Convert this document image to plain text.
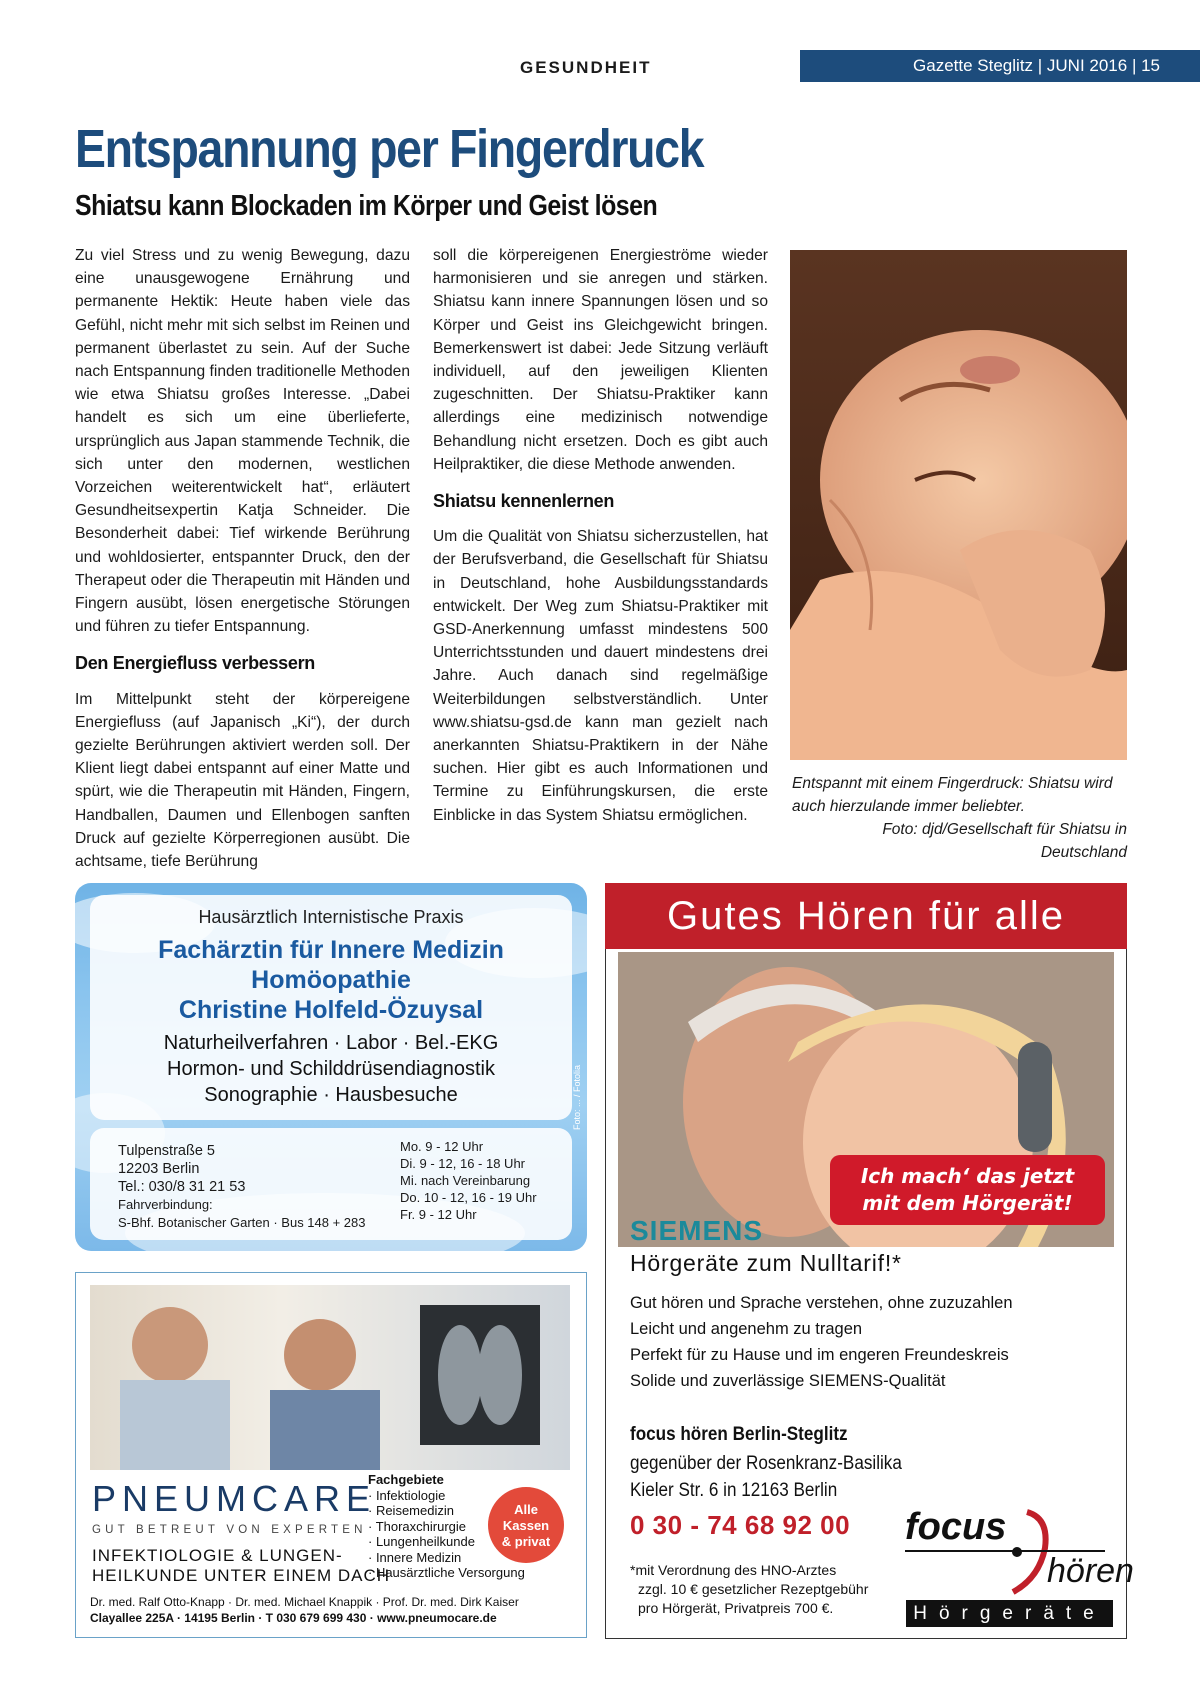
GESUNDHEIT	Gazette Steglitz | JUNI 2016 | 15
Entspannung per Fingerdruck
Shiatsu kann Blockaden im Körper und Geist lösen

Zu viel Stress und zu wenig Bewegung, dazu eine unausgewogene Ernährung und permanente Hektik: Heute haben viele das Gefühl, nicht mehr mit sich selbst im Reinen und permanent überlastet zu sein. Auf der Suche nach Entspannung finden traditionelle Methoden wie etwa Shiatsu großes Interesse. „Dabei handelt es sich um eine überlieferte, ursprünglich aus Japan stammende Technik, die sich unter den modernen, westlichen Vorzeichen weiterentwickelt hat“, erläutert Gesundheitsexpertin Katja Schneider. Die Besonderheit dabei: Tief wirkende Berührung und wohldosierter, entspannter Druck, den der Therapeut oder die Therapeutin mit Händen und Fingern ausübt, lösen energetische Störungen und führen zu tiefer Entspannung.

Den Energiefluss verbessern

Im Mittelpunkt steht der körpereigene Energiefluss (auf Japanisch „Ki“), der durch gezielte Berührungen aktiviert werden soll. Der Klient liegt dabei entspannt auf einer Matte und spürt, wie die Therapeutin mit Händen, Fingern, Handballen, Daumen und Ellenbogen sanften Druck auf gezielte Körperregionen ausübt. Die achtsame, tiefe Berührung

soll die körpereigenen Energieströme wieder harmonisieren und sie anregen und stärken. Shiatsu kann innere Spannungen lösen und so Körper und Geist ins Gleichgewicht bringen. Bemerkenswert ist dabei: Jede Sitzung verläuft individuell, auf den jeweiligen Klienten zugeschnitten. Der Shiatsu-Praktiker kann allerdings eine medizinisch notwendige Behandlung nicht ersetzen. Doch es gibt auch Heilpraktiker, die diese Methode anwenden.

Shiatsu kennenlernen

Um die Qualität von Shiatsu sicherzustellen, hat der Berufsverband, die Gesellschaft für Shiatsu in Deutschland, hohe Ausbildungsstandards entwickelt. Der Weg zum Shiatsu-Praktiker mit GSD-Anerkennung umfasst mindestens 500 Unterrichtsstunden und dauert mindestens drei Jahre. Auch danach sind regelmäßige Weiterbildungen selbstverständlich. Unter www.shiatsu-gsd.de kann man gezielt nach anerkannten Shiatsu-Praktikern in der Nähe suchen. Hier gibt es auch Informationen und Termine zu Einführungskursen, die erste Einblicke in das System Shiatsu ermöglichen.

Entspannt mit einem Fingerdruck: Shiatsu wird auch hierzulande immer beliebter.
Foto: djd/Gesellschaft für Shiatsu in Deutschland
Hausärztlich Internistische Praxis
Fachärztin für Innere Medizin
Homöopathie
Christine Holfeld-Özuysal
Naturheilverfahren · Labor · Bel.-EKG
Hormon- und Schilddrüsendiagnostik
Sonographie · Hausbesuche
Tulpenstraße 5
12203 Berlin
Tel.: 030/8 31 21 53
Fahrverbindung:
S-Bhf. Botanischer Garten · Bus 148 + 283
Mo. 9 - 12 Uhr
Di. 9 - 12, 16 - 18 Uhr
Mi. nach Vereinbarung
Do. 10 - 12, 16 - 19 Uhr
Fr. 9 - 12 Uhr
Foto: ... / Fotolia
PNEUMCARE
GUT BETREUT VON EXPERTEN
INFEKTIOLOGIE & LUNGEN-
HEILKUNDE UNTER EINEM DACH
Fachgebiete
· Infektiologie
· Reisemedizin
· Thoraxchirurgie
· Lungenheilkunde
· Innere Medizin
· Hausärztliche Versorgung
Alle
Kassen
& privat
Dr. med. Ralf Otto-Knapp · Dr. med. Michael Knappik · Prof. Dr. med. Dirk Kaiser
Clayallee 225A · 14195 Berlin · T 030 679 699 430 · www.pneumocare.de
Gutes Hören für alle
Ich mach‘ das jetzt
mit dem Hörgerät!
SIEMENS
Hörgeräte zum Nulltarif!*
Gut hören und Sprache verstehen, ohne zuzuzahlen
Leicht und angenehm zu tragen
Perfekt für zu Hause und im engeren Freundeskreis
Solide und zuverlässige SIEMENS-Qualität
focus hören Berlin-Steglitz
gegenüber der Rosenkranz-Basilika
Kieler Str. 6 in 12163 Berlin
0 30 - 74 68 92 00
*mit Verordnung des HNO-Arztes
zzgl. 10 € gesetzlicher Rezeptgebühr
pro Hörgerät, Privatpreis 700 €.
focus
hören
Hörgeräte
